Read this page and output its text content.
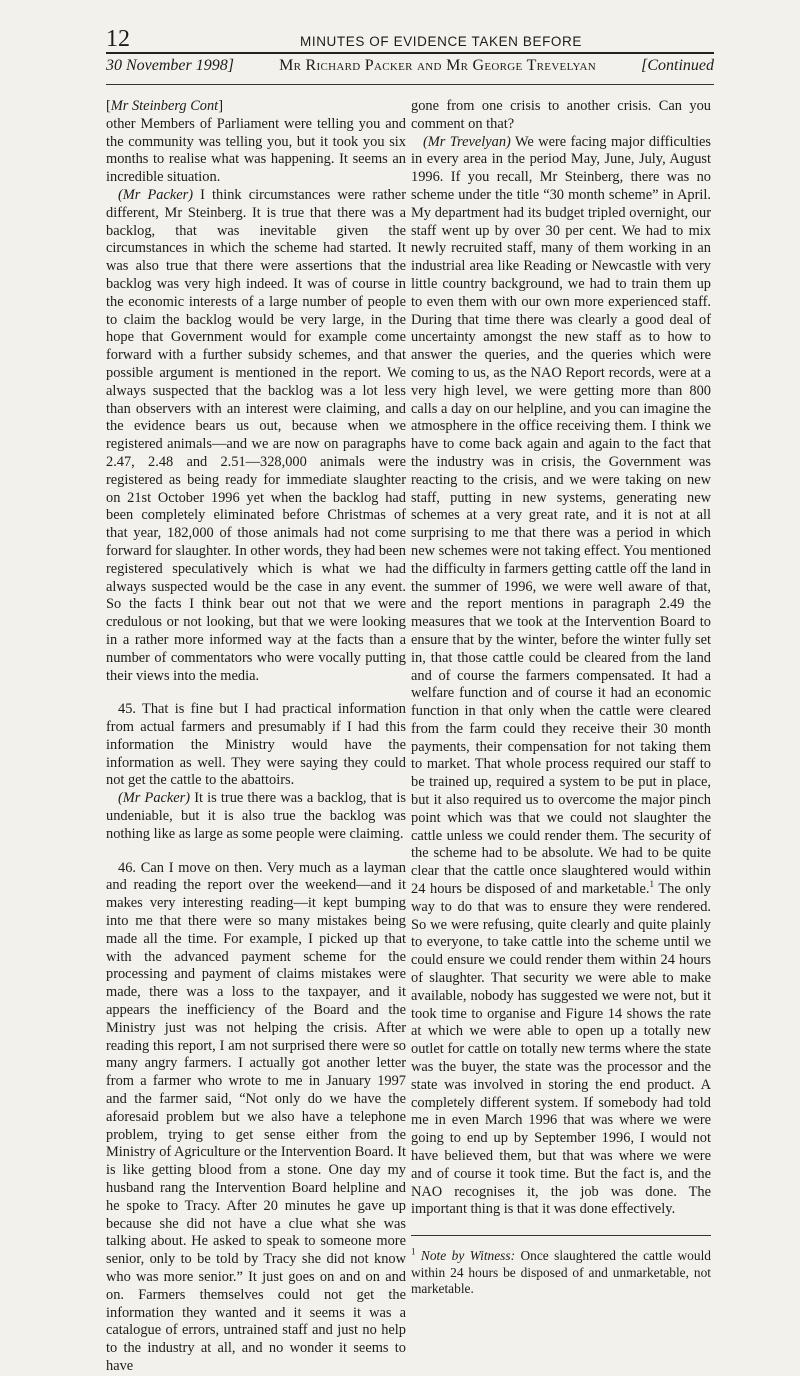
12	MINUTES OF EVIDENCE TAKEN BEFORE
30 November 1998]	Mr Richard Packer and Mr George Trevelyan	[Continued

[Mr Steinberg Cont]

other Members of Parliament were telling you and the community was telling you, but it took you six months to realise what was happening. It seems an incredible situation.

(Mr Packer) I think circumstances were rather different, Mr Steinberg. It is true that there was a backlog, that was inevitable given the circumstances in which the scheme had started. It was also true that there were assertions that the backlog was very high indeed. It was of course in the economic interests of a large number of people to claim the backlog would be very large, in the hope that Government would for example come forward with a further subsidy schemes, and that possible argument is mentioned in the report. We always suspected that the backlog was a lot less than observers with an interest were claiming, and the evidence bears us out, because when we registered animals—and we are now on paragraphs 2.47, 2.48 and 2.51—328,000 animals were registered as being ready for immediate slaughter on 21st October 1996 yet when the backlog had been completely eliminated before Christmas of that year, 182,000 of those animals had not come forward for slaughter. In other words, they had been registered speculatively which is what we had always suspected would be the case in any event. So the facts I think bear out not that we were credulous or not looking, but that we were looking in a rather more informed way at the facts than a number of commentators who were vocally putting their views into the media.

45. That is fine but I had practical information from actual farmers and presumably if I had this information the Ministry would have the information as well. They were saying they could not get the cattle to the abattoirs.

(Mr Packer) It is true there was a backlog, that is undeniable, but it is also true the backlog was nothing like as large as some people were claiming.

46. Can I move on then. Very much as a layman and reading the report over the weekend—and it makes very interesting reading—it kept bumping into me that there were so many mistakes being made all the time. For example, I picked up that with the advanced payment scheme for the processing and payment of claims mistakes were made, there was a loss to the taxpayer, and it appears the inefficiency of the Board and the Ministry just was not helping the crisis. After reading this report, I am not surprised there were so many angry farmers. I actually got another letter from a farmer who wrote to me in January 1997 and the farmer said, “Not only do we have the aforesaid problem but we also have a telephone problem, trying to get sense either from the Ministry of Agriculture or the Intervention Board. It is like getting blood from a stone. One day my husband rang the Intervention Board helpline and he spoke to Tracy. After 20 minutes he gave up because she did not have a clue what she was talking about. He asked to speak to someone more senior, only to be told by Tracy she did not know who was more senior.” It just goes on and on and on. Farmers themselves could not get the information they wanted and it seems it was a catalogue of errors, untrained staff and just no help to the industry at all, and no wonder it seems to have

gone from one crisis to another crisis. Can you comment on that?

(Mr Trevelyan) We were facing major difficulties in every area in the period May, June, July, August 1996. If you recall, Mr Steinberg, there was no scheme under the title “30 month scheme” in April. My department had its budget tripled overnight, our staff went up by over 30 per cent. We had to mix newly recruited staff, many of them working in an industrial area like Reading or Newcastle with very little country background, we had to train them up to even them with our own more experienced staff. During that time there was clearly a good deal of uncertainty amongst the new staff as to how to answer the queries, and the queries which were coming to us, as the NAO Report records, were at a very high level, we were getting more than 800 calls a day on our helpline, and you can imagine the atmosphere in the office receiving them. I think we have to come back again and again to the fact that the industry was in crisis, the Government was reacting to the crisis, and we were taking on new staff, putting in new systems, generating new schemes at a very great rate, and it is not at all surprising to me that there was a period in which new schemes were not taking effect. You mentioned the difficulty in farmers getting cattle off the land in the summer of 1996, we were well aware of that, and the report mentions in paragraph 2.49 the measures that we took at the Intervention Board to ensure that by the winter, before the winter fully set in, that those cattle could be cleared from the land and of course the farmers compensated. It had a welfare function and of course it had an economic function in that only when the cattle were cleared from the farm could they receive their 30 month payments, their compensation for not taking them to market. That whole process required our staff to be trained up, required a system to be put in place, but it also required us to overcome the major pinch point which was that we could not slaughter the cattle unless we could render them. The security of the scheme had to be absolute. We had to be quite clear that the cattle once slaughtered would within 24 hours be disposed of and marketable.$^1$ The only way to do that was to ensure they were rendered. So we were refusing, quite clearly and quite plainly to everyone, to take cattle into the scheme until we could ensure we could render them within 24 hours of slaughter. That security we were able to make available, nobody has suggested we were not, but it took time to organise and Figure 14 shows the rate at which we were able to open up a totally new outlet for cattle on totally new terms where the state was the buyer, the state was the processor and the state was involved in storing the end product. A completely different system. If somebody had told me in even March 1996 that was where we were going to end up by September 1996, I would not have believed them, but that was where we were and of course it took time. But the fact is, and the NAO recognises it, the job was done. The important thing is that it was done effectively.

$^1$ Note by Witness: Once slaughtered the cattle would within 24 hours be disposed of and unmarketable, not marketable.
